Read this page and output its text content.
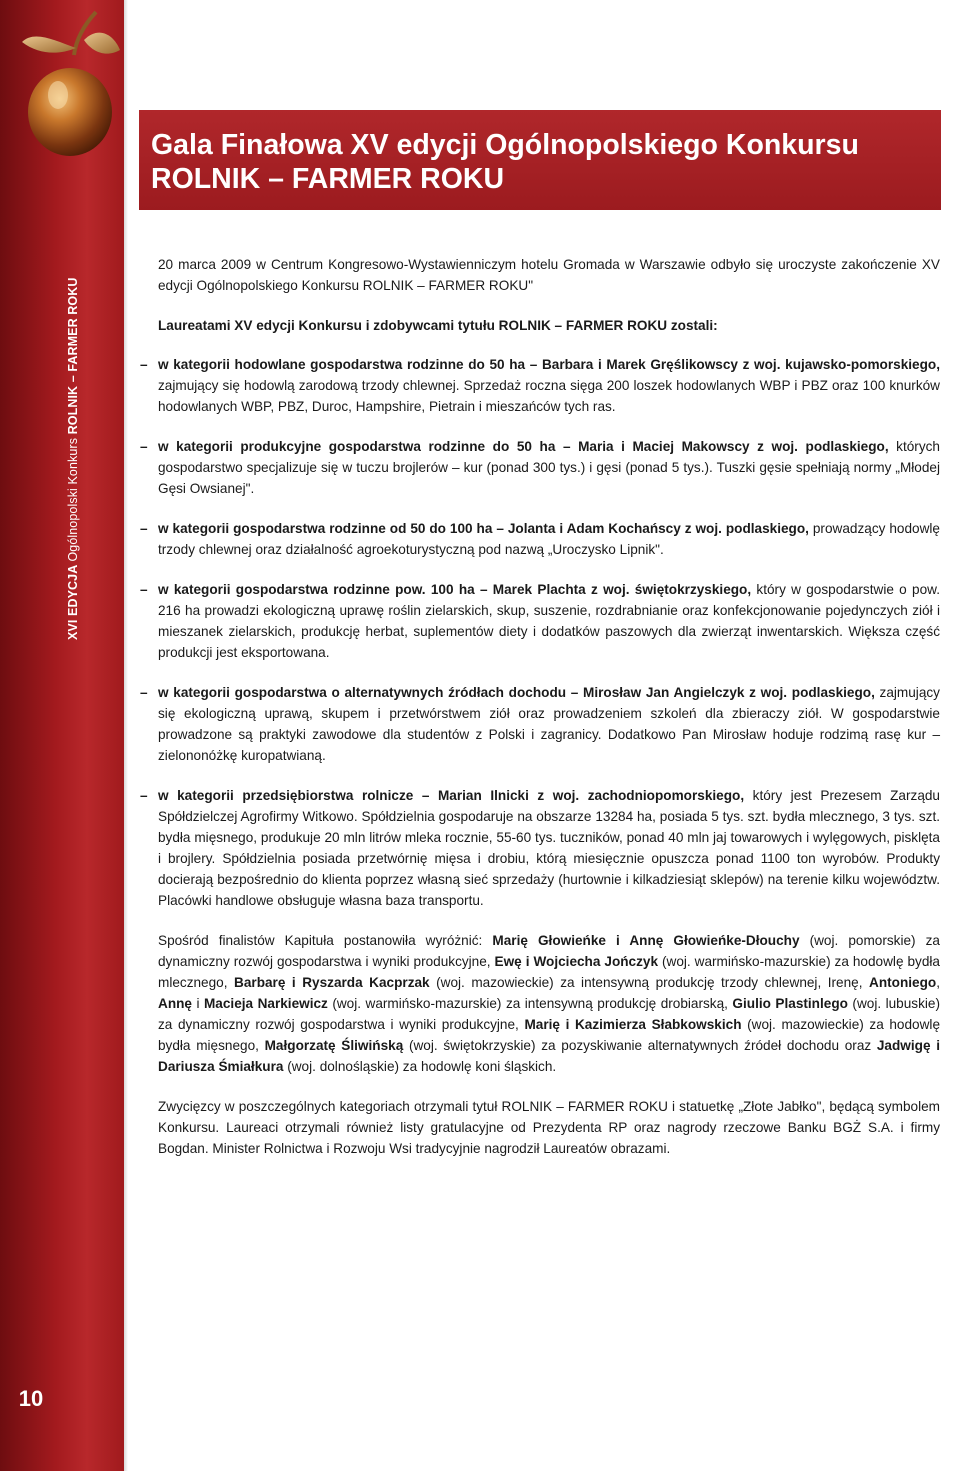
XVI EDYCJA Ogólnopolski Konkurs ROLNIK – FARMER ROKU
10
Gala Finałowa XV edycji Ogólnopolskiego Konkursu
ROLNIK – FARMER ROKU

20 marca 2009 w Centrum Kongresowo-Wystawienniczym hotelu Gromada w Warszawie odbyło się uroczyste zakończenie XV edycji Ogólnopolskiego Konkursu ROLNIK – FARMER ROKU"

Laureatami XV edycji Konkursu i zdobywcami tytułu ROLNIK – FARMER ROKU zostali:

– w kategorii hodowlane gospodarstwa rodzinne do 50 ha – Barbara i Marek Gręślikowscy z woj. kujawsko-pomorskiego, zajmujący się hodowlą zarodową trzody chlewnej. Sprzedaż roczna sięga 200 loszek hodowlanych WBP i PBZ oraz 100 knurków hodowlanych WBP, PBZ, Duroc, Hampshire, Pietrain i mieszańców tych ras.
– w kategorii produkcyjne gospodarstwa rodzinne do 50 ha – Maria i Maciej Makowscy z woj. podlaskiego, których gospodarstwo specjalizuje się w tuczu brojlerów – kur (ponad 300 tys.) i gęsi (ponad 5 tys.). Tuszki gęsie spełniają normy „Młodej Gęsi Owsianej".
– w kategorii gospodarstwa rodzinne od 50 do 100 ha – Jolanta i Adam Kochańscy z woj. podlaskiego, prowadzący hodowlę trzody chlewnej oraz działalność agroekoturystyczną pod nazwą „Uroczysko Lipnik".
– w kategorii gospodarstwa rodzinne pow. 100 ha – Marek Plachta z woj. świętokrzyskiego, który w gospodarstwie o pow. 216 ha prowadzi ekologiczną uprawę roślin zielarskich, skup, suszenie, rozdrabnianie oraz konfekcjonowanie pojedynczych ziół i mieszanek zielarskich, produkcję herbat, suplementów diety i dodatków paszowych dla zwierząt inwentarskich. Większa część produkcji jest eksportowana.
– w kategorii gospodarstwa o alternatywnych źródłach dochodu – Mirosław Jan Angielczyk z woj. podlaskiego, zajmujący się ekologiczną uprawą, skupem i przetwórstwem ziół oraz prowadzeniem szkoleń dla zbieraczy ziół. W gospodarstwie prowadzone są praktyki zawodowe dla studentów z Polski i zagranicy. Dodatkowo Pan Mirosław hoduje rodzimą rasę kur – zielononóżkę kuropatwianą.
– w kategorii przedsiębiorstwa rolnicze – Marian Ilnicki z woj. zachodniopomorskiego, który jest Prezesem Zarządu Spółdzielczej Agrofirmy Witkowo. Spółdzielnia gospodaruje na obszarze 13284 ha, posiada 5 tys. szt. bydła mlecznego, 3 tys. szt. bydła mięsnego, produkuje 20 mln litrów mleka rocznie, 55-60 tys. tuczników, ponad 40 mln jaj towarowych i wylęgowych, pisklęta i brojlery. Spółdzielnia posiada przetwórnię mięsa i drobiu, którą miesięcznie opuszcza ponad 1100 ton wyrobów. Produkty docierają bezpośrednio do klienta poprzez własną sieć sprzedaży (hurtownie i kilkadziesiąt sklepów) na terenie kilku województw. Placówki handlowe obsługuje własna baza transportu.

Spośród finalistów Kapituła postanowiła wyróżnić: Marię Głowieńke i Annę Głowieńke-Dłouchy (woj. pomorskie) za dynamiczny rozwój gospodarstwa i wyniki produkcyjne, Ewę i Wojciecha Jończyk (woj. warmińsko-mazurskie) za hodowlę bydła mlecznego, Barbarę i Ryszarda Kacprzak (woj. mazowieckie) za intensywną produkcję trzody chlewnej, Irenę, Antoniego, Annę i Macieja Narkiewicz (woj. warmińsko-mazurskie) za intensywną produkcję drobiarską, Giulio Plastinlego (woj. lubuskie) za dynamiczny rozwój gospodarstwa i wyniki produkcyjne, Marię i Kazimierza Słabkowskich (woj. mazowieckie) za hodowlę bydła mięsnego, Małgorzatę Śliwińską (woj. świętokrzyskie) za pozyskiwanie alternatywnych źródeł dochodu oraz Jadwigę i Dariusza Śmiałkura (woj. dolnośląskie) za hodowlę koni śląskich.

Zwycięzcy w poszczególnych kategoriach otrzymali tytuł ROLNIK – FARMER ROKU i statuetkę „Złote Jabłko", będącą symbolem Konkursu. Laureaci otrzymali również listy gratulacyjne od Prezydenta RP oraz nagrody rzeczowe Banku BGŻ S.A. i firmy Bogdan. Minister Rolnictwa i Rozwoju Wsi tradycyjnie nagrodził Laureatów obrazami.
